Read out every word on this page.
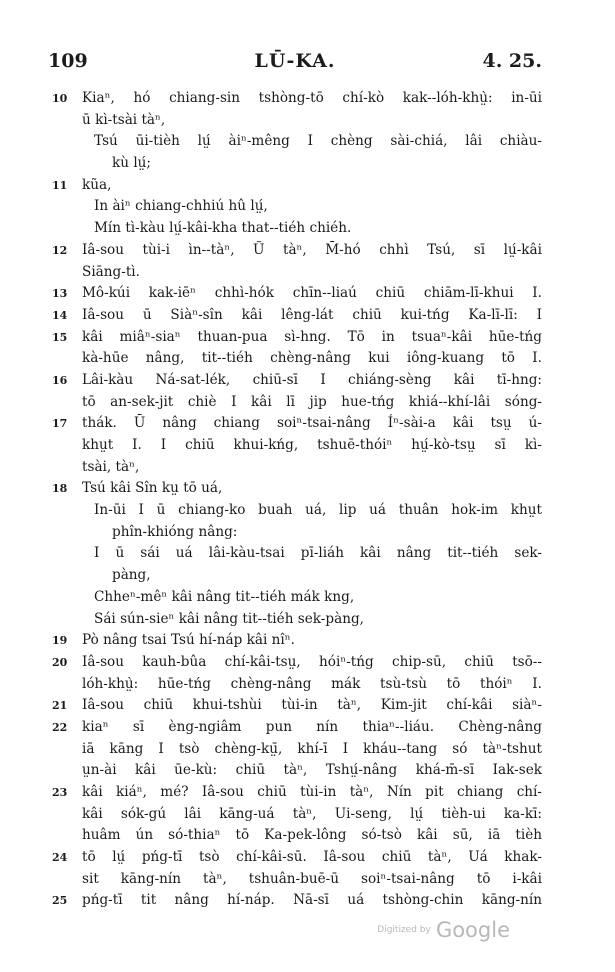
109	LŪ-KA.	4. 25.
10	Kiaⁿ, hó chiang-sin tshòng-tō chí-kò kak--lóh-khṳ̀: in-ūi
ū kì-tsài tàⁿ,
Tsú ūi-tièh lṳ́ àiⁿ-mêng I chèng sài-chiá, lâi chiàu-
kù lṳ́;
11	kũa,
In àiⁿ chiang-chhiú hû lṳ́,
Mín tì-kàu lṳ́-kâi-kha that--tiéh chiéh.
12	Iâ-sou tùi-i ìn--tàⁿ, Ũ tàⁿ, M̄-hó chhì Tsú, sī lṳ́-kâi
Siāng-tì.
13	Mô-kúi kak-iēⁿ chhì-hók chīn--liaú chiū chiām-lī-khui I.
14	Iâ-sou ū Siàⁿ-sîn kâi lêng-lát chiū kui-tńg Ka-lī-lī: I
15	kâi miâⁿ-siaⁿ thuan-pua sì-hng. Tō in tsuaⁿ-kâi hūe-tńg
kà-hūe nâng, tit--tiéh chèng-nâng kui iông-kuang tō I.
16	Lâi-kàu Ná-sat-lék, chiū-sī I chiáng-sèng kâi tī-hng:
tō an-sek-jit chiè I kâi lī jip hue-tńg khiá--khí-lâi sóng-
17	thák. Ū nâng chiang soiⁿ-tsai-nâng Íⁿ-sài-a kâi tsṳ ú-
khṳt I. I chiū khui-kńg, tshuē-thóiⁿ hṳ́-kò-tsṳ sī kì-
tsài, tàⁿ,
18	Tsú kâi Sîn kṳ tō uá,
In-ūi I ū chiang-ko buah uá, lip uá thuân hok-im khṳt
phîn-khióng nâng:
I ū sái uá lâi-kàu-tsai pī-liáh kâi nâng tit--tiéh sek-
pàng,
Chheⁿ-mêⁿ kâi nâng tit--tiéh mák kng,
Sái sún-sieⁿ kâi nâng tit--tiéh sek-pàng,
19	Pò nâng tsai Tsú hí-náp kâi nîⁿ.
20	Iâ-sou kauh-bûa chí-kâi-tsṳ, hóiⁿ-tńg chip-sū, chiū tsō--
lóh-khṳ̀: hūe-tńg chèng-nâng mák tsù-tsù tō thóiⁿ I.
21	Iâ-sou chiū khui-tshùi tùi-in tàⁿ, Kim-jit chí-kâi siàⁿ-
22	kiaⁿ sī èng-ngiâm pun nín thiaⁿ--liáu. Chèng-nâng
iā kāng I tsò chèng-kṳ̄, khí-ī I kháu--tang só tàⁿ-tshut
ṳn-ài kâi ūe-kù: chiū tàⁿ, Tshṳ́-nâng khá-m̄-sī Iak-sek
23	kâi kiáⁿ, mé? Iâ-sou chiū tùi-in tàⁿ, Nín pit chiang chí-
kâi sók-gú lâi kāng-uá tàⁿ, Ui-seng, lṳ́ tièh-ui ka-kī:
huâm ún só-thiaⁿ tō Ka-pek-lông só-tsò kâi sū, iā tièh
24	tō lṳ́ pńg-tī tsò chí-kâi-sū. Iâ-sou chiū tàⁿ, Uá khak-
sit kāng-nín tàⁿ, tshuân-buē-ū soiⁿ-tsai-nâng tō i-kâi
25	pńg-tī tit nâng hí-náp. Nā-sī uá tshòng-chin kāng-nín
Digitized by Google
